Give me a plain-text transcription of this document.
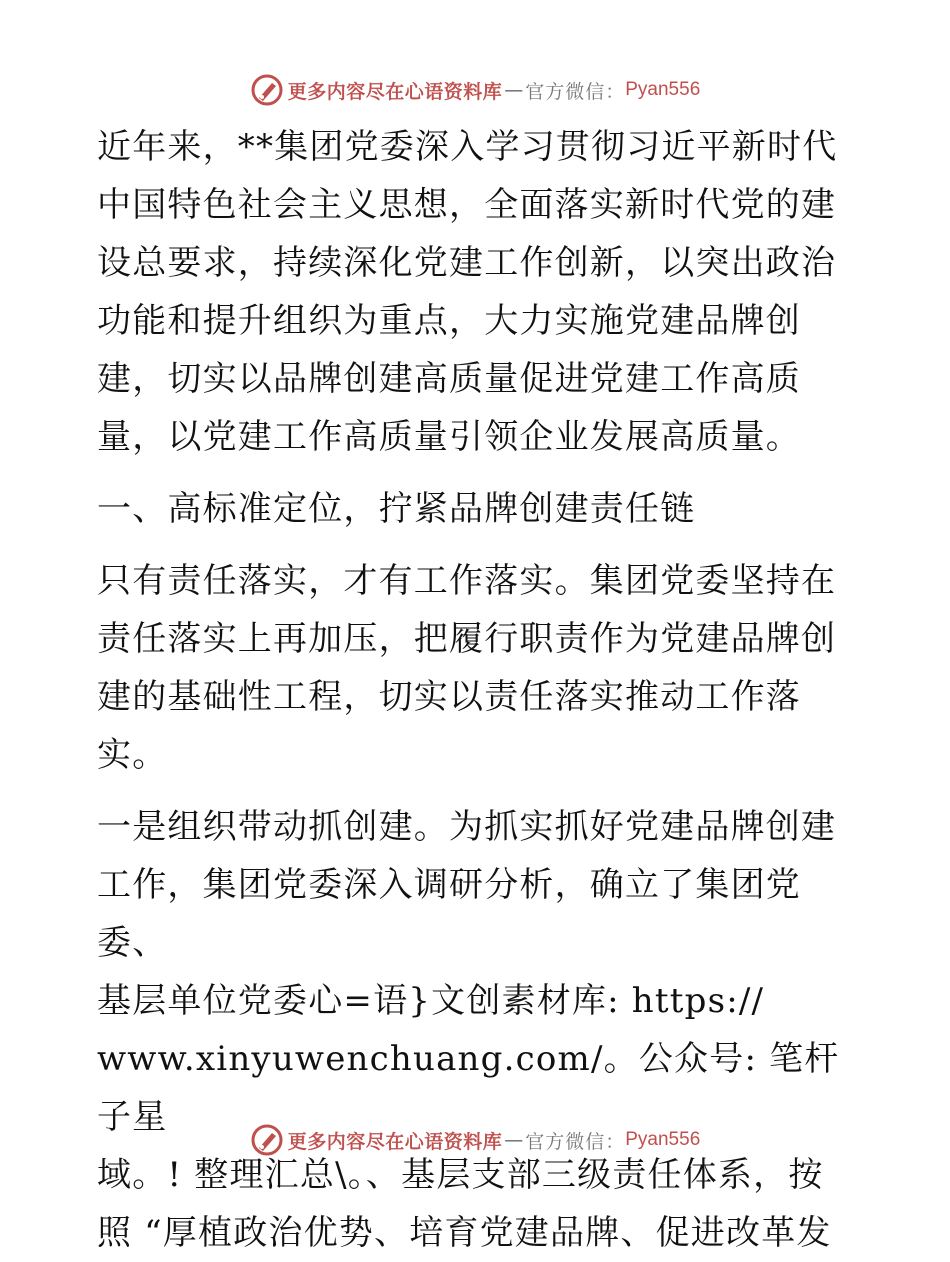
更多内容尽在心语资料库 — 官方微信： Pyan556

近年来，**集团党委深入学习贯彻习近平新时代中国特色社会主义思想，全面落实新时代党的建设总要求，持续深化党建工作创新，以突出政治功能和提升组织为重点，大力实施党建品牌创建，切实以品牌创建高质量促进党建工作高质量，以党建工作高质量引领企业发展高质量。

一、高标准定位，拧紧品牌创建责任链

只有责任落实，才有工作落实。集团党委坚持在责任落实上再加压，把履行职责作为党建品牌创建的基础性工程，切实以责任落实推动工作落实。

一是组织带动抓创建。为抓实抓好党建品牌创建
工作，集团党委深入调研分析，确立了集团党委、
基层单位党委心=语}文创素材库: https://
www.xinyuwenchuang.com/。公众号: 笔杆子星
域。! 整理汇总\。、基层支部三级责任体系，按
照 “厚植政治优势、培育党建品牌、促进改革发
更多内容尽在心语资料库 — 官方微信： Pyan556
